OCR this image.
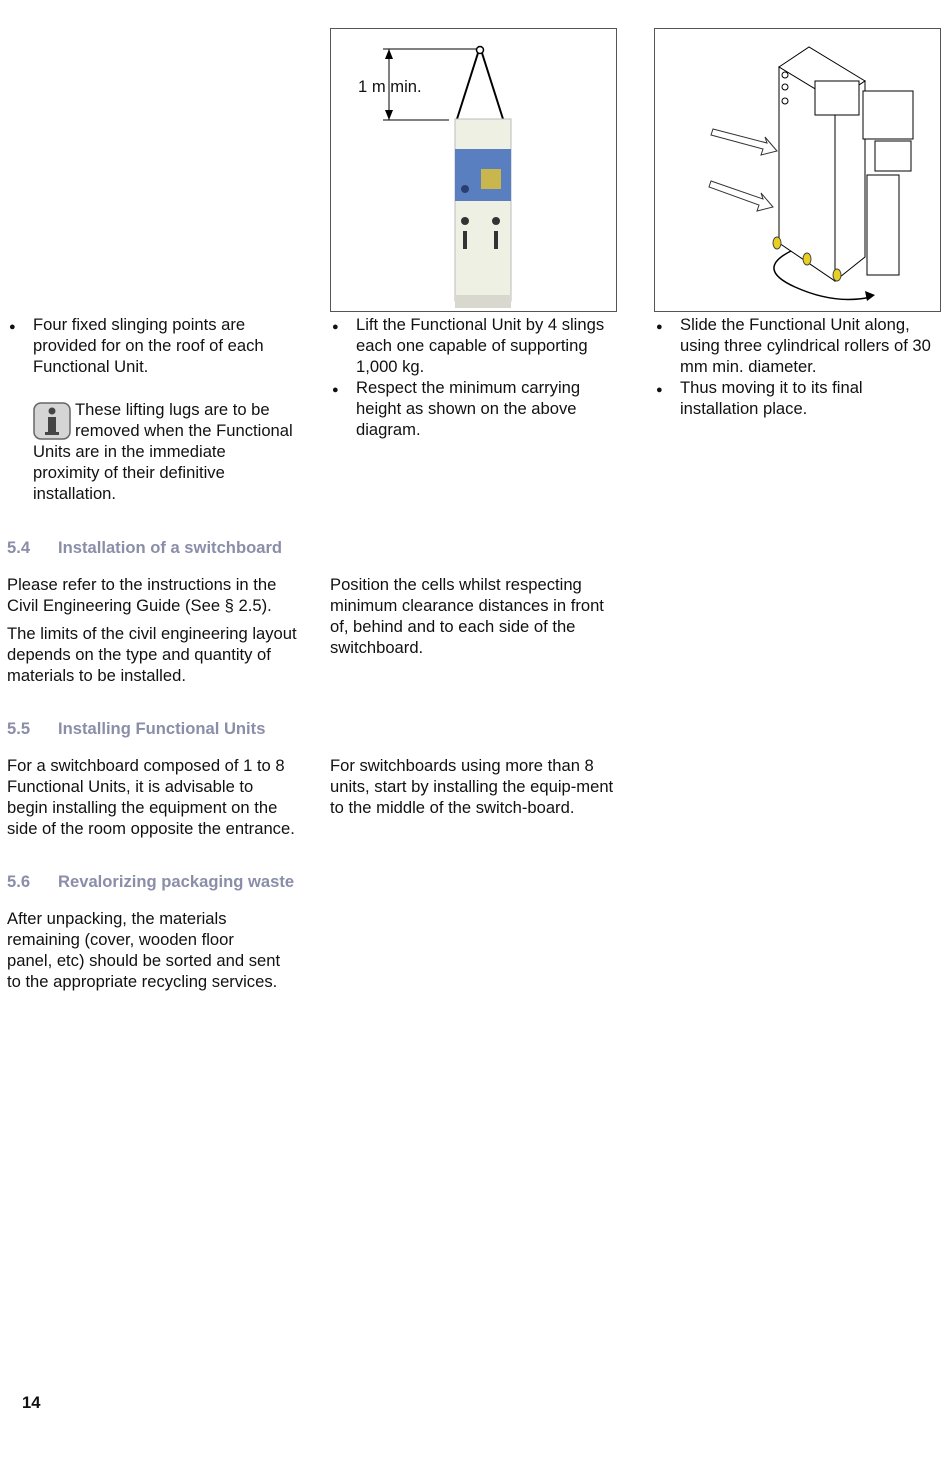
1 m min.
● Four fixed slinging points are provided for on the roof of each Functional Unit.
These lifting lugs are to be removed when the Functional Units are in the immediate proximity of their definitive installation.
● Lift the Functional Unit by 4 slings each one capable of supporting 1,000 kg.
● Respect the minimum carrying height as shown on the above diagram.
● Slide the Functional Unit along, using three cylindrical rollers of 30 mm min. diameter.
● Thus moving it to its final installation place.
5.4 Installation of a switchboard
Please refer to the instructions in the Civil Engineering Guide (See § 2.5).
The limits of the civil engineering layout depends on the type and quantity of materials to be installed.
Position the cells whilst respecting minimum clearance distances in front of, behind and to each side of the switchboard.
5.5 Installing Functional Units
For a switchboard composed of 1 to 8 Functional Units, it is advisable to begin installing the equipment on the side of the room opposite the entrance.
For switchboards using more than 8 units, start by installing the equip-ment to the middle of the switch-board.
5.6 Revalorizing packaging waste
After unpacking, the materials remaining (cover, wooden floor panel, etc) should be sorted and sent to the appropriate recycling services.
14
